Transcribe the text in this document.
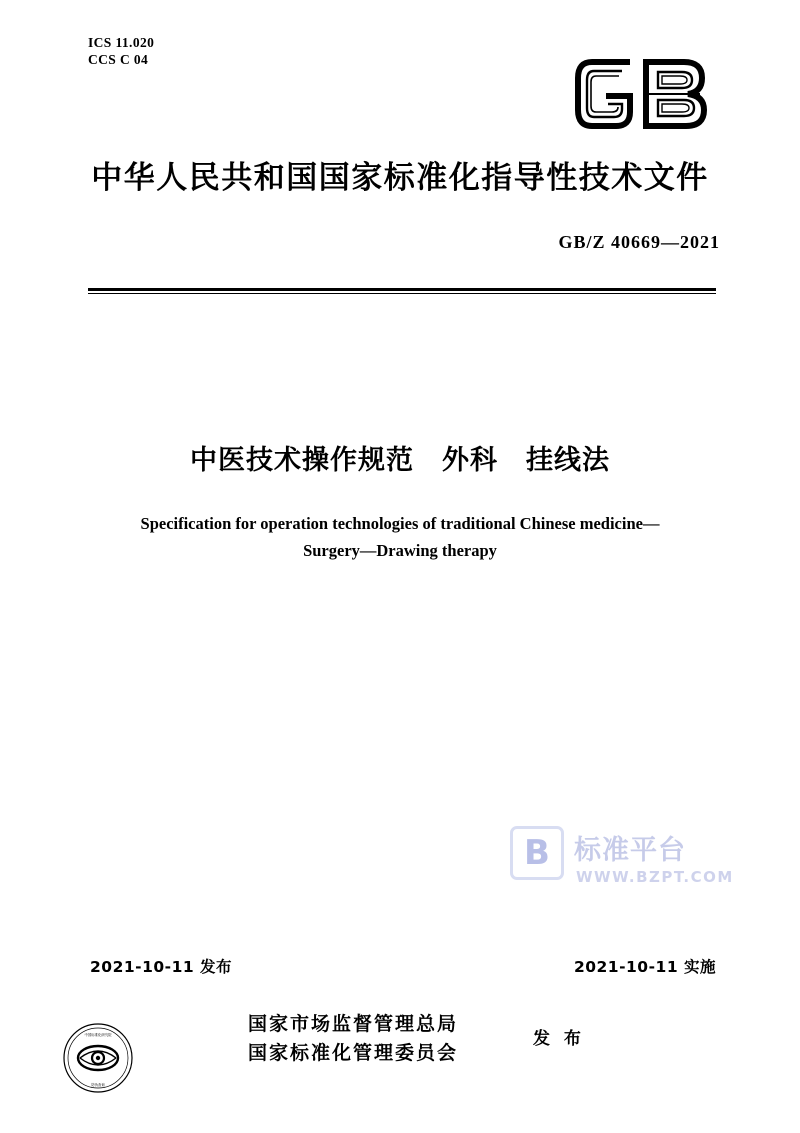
ICS 11.020
CCS C 04
中华人民共和国国家标准化指导性技术文件
GB/Z 40669—2021
中医技术操作规范　外科　挂线法
Specification for operation technologies of traditional Chinese medicine—
Surgery—Drawing therapy
B 标准平台
WWW.BZPT.COM
2021-10-11 发布	2021-10-11 实施
国家市场监督管理总局
国家标准化管理委员会
发 布
中国标准化研究院
防伪查询
